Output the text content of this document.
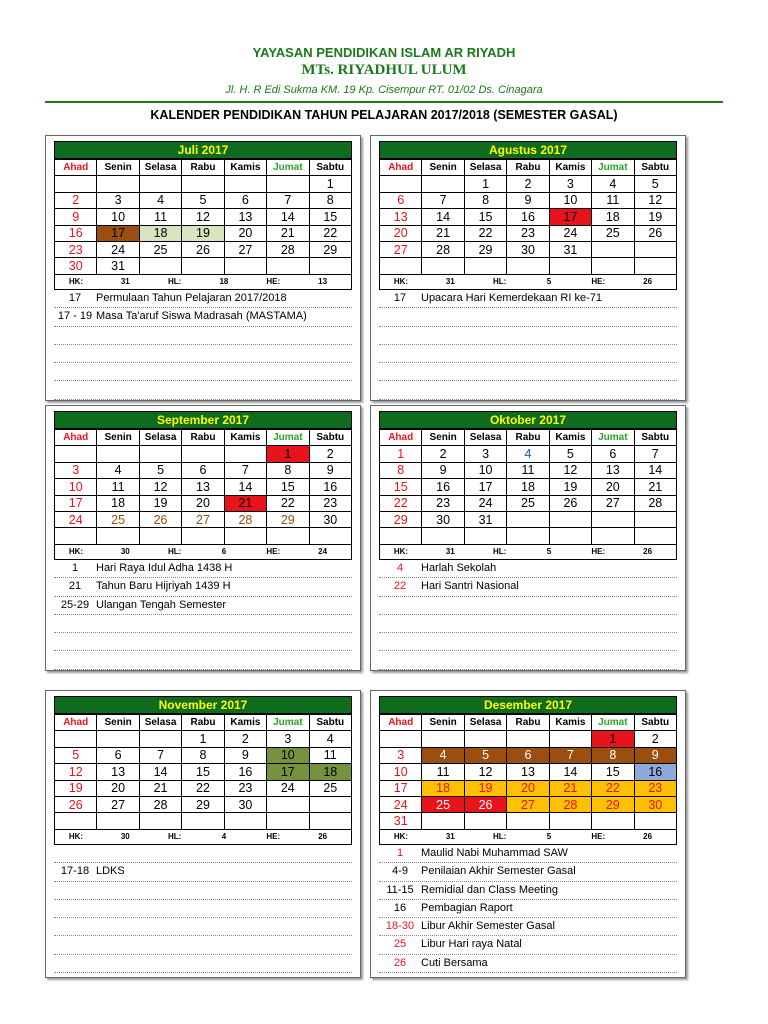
YAYASAN PENDIDIKAN ISLAM AR RIYADH
MTs. RIYADHUL ULUM
Jl. H. R Edi Sukma KM. 19 Kp. Cisempur RT. 01/02 Ds. Cinagara
KALENDER PENDIDIKAN TAHUN PELAJARAN 2017/2018 (SEMESTER GASAL)
Juli 2017
Ahad	Senin	Selasa	Rabu	Kamis	Jumat	Sabtu
						1
2	3	4	5	6	7	8
9	10	11	12	13	14	15
16	17	18	19	20	21	22
23	24	25	26	27	28	29
30	31					
HK:	31	HL:	18	HE:	13
17 Permulaan Tahun Pelajaran 2017/2018
17 - 19 Masa Ta'aruf Siswa Madrasah (MASTAMA)
Agustus 2017
Ahad	Senin	Selasa	Rabu	Kamis	Jumat	Sabtu
		1	2	3	4	5
6	7	8	9	10	11	12
13	14	15	16	17	18	19
20	21	22	23	24	25	26
27	28	29	30	31		

HK:	31	HL:	5	HE:	26
17 Upacara Hari Kemerdekaan RI ke-71
September 2017
Ahad	Senin	Selasa	Rabu	Kamis	Jumat	Sabtu
					1	2
3	4	5	6	7	8	9
10	11	12	13	14	15	16
17	18	19	20	21	22	23
24	25	26	27	28	29	30

HK:	30	HL:	6	HE:	24
1 Hari Raya Idul Adha 1438 H
21 Tahun Baru Hijriyah 1439 H
25-29 Ulangan Tengah Semester
Oktober 2017
Ahad	Senin	Selasa	Rabu	Kamis	Jumat	Sabtu
1	2	3	4	5	6	7
8	9	10	11	12	13	14
15	16	17	18	19	20	21
22	23	24	25	26	27	28
29	30	31				

HK:	31	HL:	5	HE:	26
4 Harlah Sekolah
22 Hari Santri Nasional
November 2017
Ahad	Senin	Selasa	Rabu	Kamis	Jumat	Sabtu
			1	2	3	4
5	6	7	8	9	10	11
12	13	14	15	16	17	18
19	20	21	22	23	24	25
26	27	28	29	30		

HK:	30	HL:	4	HE:	26
17-18 LDKS
Desember 2017
Ahad	Senin	Selasa	Rabu	Kamis	Jumat	Sabtu
					1	2
3	4	5	6	7	8	9
10	11	12	13	14	15	16
17	18	19	20	21	22	23
24	25	26	27	28	29	30
31						
HK:	31	HL:	5	HE:	26
1 Maulid Nabi Muhammad SAW
4-9 Penilaian Akhir Semester Gasal
11-15 Remidial dan Class Meeting
16 Pembagian Raport
18-30 Libur Akhir Semester Gasal
25 Libur Hari raya Natal
26 Cuti Bersama
